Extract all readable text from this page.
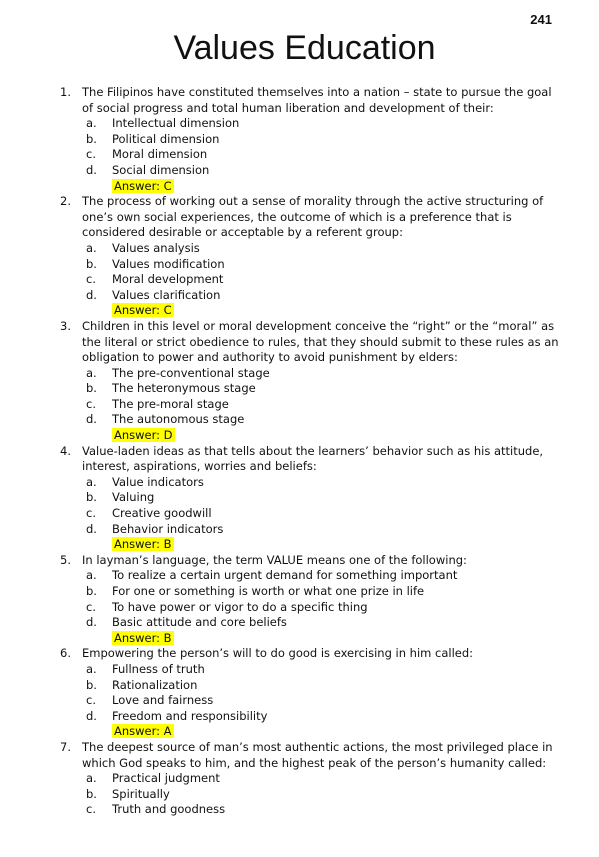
241
Values Education
1. The Filipinos have constituted themselves into a nation – state to pursue the goal of social progress and total human liberation and development of their:
a. Intellectual dimension
b. Political dimension
c. Moral dimension
d. Social dimension
Answer: C
2. The process of working out a sense of morality through the active structuring of one’s own social experiences, the outcome of which is a preference that is considered desirable or acceptable by a referent group:
a. Values analysis
b. Values modification
c. Moral development
d. Values clarification
Answer: C
3. Children in this level or moral development conceive the “right” or the “moral” as the literal or strict obedience to rules, that they should submit to these rules as an obligation to power and authority to avoid punishment by elders:
a. The pre-conventional stage
b. The heteronymous stage
c. The pre-moral stage
d. The autonomous stage
Answer: D
4. Value-laden ideas as that tells about the learners’ behavior such as his attitude, interest, aspirations, worries and beliefs:
a. Value indicators
b. Valuing
c. Creative goodwill
d. Behavior indicators
Answer: B
5. In layman’s language, the term VALUE means one of the following:
a. To realize a certain urgent demand for something important
b. For one or something is worth or what one prize in life
c. To have power or vigor to do a specific thing
d. Basic attitude and core beliefs
Answer: B
6. Empowering the person’s will to do good is exercising in him called:
a. Fullness of truth
b. Rationalization
c. Love and fairness
d. Freedom and responsibility
Answer: A
7. The deepest source of man’s most authentic actions, the most privileged place in which God speaks to him, and the highest peak of the person’s humanity called:
a. Practical judgment
b. Spiritually
c. Truth and goodness
